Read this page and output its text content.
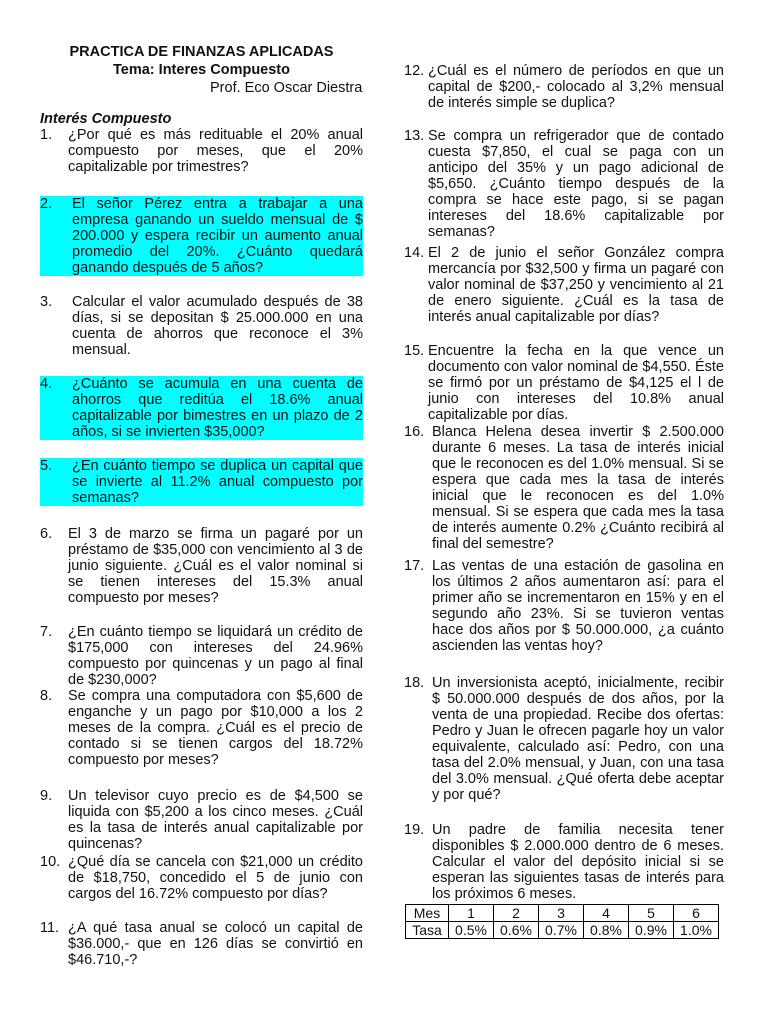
PRACTICA DE FINANZAS APLICADAS
Tema: Interes Compuesto
Prof. Eco Oscar Diestra
Interés Compuesto
1. ¿Por qué es más redituable el 20% anual compuesto por meses, que el 20% capitalizable por trimestres?
2. El señor Pérez entra a trabajar a una empresa ganando un sueldo mensual de $ 200.000 y espera recibir un aumento anual promedio del 20%. ¿Cuánto quedará ganando después de 5 años?
3. Calcular el valor acumulado después de 38 días, si se depositan $ 25.000.000 en una cuenta de ahorros que reconoce el 3% mensual.
4. ¿Cuánto se acumula en una cuenta de ahorros que reditúa el 18.6% anual capitalizable por bimestres en un plazo de 2 años, si se invierten $35,000?
5. ¿En cuánto tiempo se duplica un capital que se invierte al 11.2% anual compuesto por semanas?
6. El 3 de marzo se firma un pagaré por un préstamo de $35,000 con vencimiento al 3 de junio siguiente. ¿Cuál es el valor nominal si se tienen intereses del 15.3% anual compuesto por meses?
7. ¿En cuánto tiempo se liquidará un crédito de $175,000 con intereses del 24.96% compuesto por quincenas y un pago al final de $230,000?
8. Se compra una computadora con $5,600 de enganche y un pago por $10,000 a los 2 meses de la compra. ¿Cuál es el precio de contado si se tienen cargos del 18.72% compuesto por meses?
9. Un televisor cuyo precio es de $4,500 se liquida con $5,200 a los cinco meses. ¿Cuál es la tasa de interés anual capitalizable por quincenas?
10. ¿Qué día se cancela con $21,000 un crédito de $18,750, concedido el 5 de junio con cargos del 16.72% compuesto por días?
11. ¿A qué tasa anual se colocó un capital de $36.000,- que en 126 días se convirtió en $46.710,-?
12. ¿Cuál es el número de períodos en que un capital de $200,- colocado al 3,2% mensual de interés simple se duplica?
13. Se compra un refrigerador que de contado cuesta $7,850, el cual se paga con un anticipo del 35% y un pago adicional de $5,650. ¿Cuánto tiempo después de la compra se hace este pago, si se pagan intereses del 18.6% capitalizable por semanas?
14. El 2 de junio el señor González compra mercancía por $32,500 y firma un pagaré con valor nominal de $37,250 y vencimiento al 21 de enero siguiente. ¿Cuál es la tasa de interés anual capitalizable por días?
15. Encuentre la fecha en la que vence un documento con valor nominal de $4,550. Éste se firmó por un préstamo de $4,125 el l de junio con intereses del 10.8% anual capitalizable por días.
16. Blanca Helena desea invertir $ 2.500.000 durante 6 meses. La tasa de interés inicial que le reconocen es del 1.0% mensual. Si se espera que cada mes la tasa de interés inicial que le reconocen es del 1.0% mensual. Si se espera que cada mes la tasa de interés aumente 0.2% ¿Cuánto recibirá al final del semestre?
17. Las ventas de una estación de gasolina en los últimos 2 años aumentaron así: para el primer año se incrementaron en 15% y en el segundo año 23%. Si se tuvieron ventas hace dos años por $ 50.000.000, ¿a cuánto ascienden las ventas hoy?
18. Un inversionista aceptó, inicialmente, recibir $ 50.000.000 después de dos años, por la venta de una propiedad. Recibe dos ofertas: Pedro y Juan le ofrecen pagarle hoy un valor equivalente, calculado así: Pedro, con una tasa del 2.0% mensual, y Juan, con una tasa del 3.0% mensual. ¿Qué oferta debe aceptar y por qué?
19. Un padre de familia necesita tener disponibles $ 2.000.000 dentro de 6 meses. Calcular el valor del depósito inicial si se esperan las siguientes tasas de interés para los próximos 6 meses.
Mes	1	2	3	4	5	6
Tasa	0.5%	0.6%	0.7%	0.8%	0.9%	1.0%
